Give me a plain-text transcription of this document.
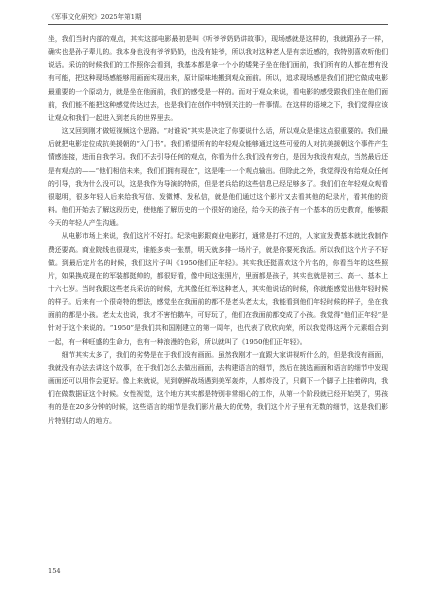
《军事文化研究》2025年第1期

坐，我们当时内部的观点，其实这部电影最初是叫《听爷爷奶奶讲故事》，现场感就是这样的，我就跟孙子一样，确实也是孙子辈儿的。我本身也没有爷爷奶奶，也没有娃爷，所以我对这种老人是有亲近感的，我特别喜欢听他们说话。采访的时候我们的工作照你会看到，我基本都是拿一个小的矮凳子坐在他们面前，我们所有的人都在想有没有可能，把这种现场感能够用画面实现出来，原计原味地搬到观众面前。所以，追求现场感是我们们把它做成电影最重要的一个原动力，就是坐在他面前，我们的感受是一样的。而对于观众来说，看电影的感受跟我们坐在他们面前，我们能不能把这种感觉传达过去，也是我们在创作中特别关注的一件事情。在这样的语境之下，我们觉得应该让观众和我们一起进入到老兵的世界里去。

这又回到刚才做短视频这个思路。“对谁说”其实是决定了你要说什么话，所以观众是谁这点很重要的。我们最后就把电影定位成抗美援朝的“入门书”。我们希望所有的年轻观众能够通过这些可爱的人对抗美援朝这个事件产生情感连接，进而自我学习。我们不去引导任何的观点，你看为什么我们没有旁白，是因为我没有观点，当然最后还是有观点的——“他们相信未来，我们们拥有现在”，这是唯一一个观点输出。但除此之外，我觉得没有给观众任何的引导，我为什么没可以，这是我作为导演的特质，但是老兵给的这些信息已经足够多了。我们们在年轻观众观看很聪明，很多年轻人后来给我写信、发微博、发私信，就是他们通过这个影片又去看其他的纪录片，看其他的资料。他们开始去了解这段历史，使他能了解历史的一个很好的途径，给今天的孩子有一个基本的历史教育，能够跟今天的年轻人产生沟通。

从电影市场上来说，我们这片不好打。纪录电影跟商业电影打，通常是打不过的，人家宣发费基本就比我制作费还要高。商业院线也很现实，谁能多卖一张票，明天就多排一场片子，就是你要死我活。所以我们这个片子不好做。到最后定片名的时候，我们这片子叫《1950他们正年轻》。其实我还挺喜欢这个片名的，你看当年的这些照片，如果换成现在的军装都挺帅的，都很好看，像中间这张照片，里面都是孩子，其实也就是初三、高一、基本上十六七岁。当时我跟这些老兵采访的时候，尤其像任红举这种老人，其实他说话的时候，你就能感觉出他年轻时候的样子。后来有一个很奇特的想法，感觉坐在我面前的都不是老头老太太，我能看到他们年轻时候的样子，坐在我面前的都是小孩。老太太也说，我才不害怕鹅车，可好玩了，他们在我面前都变成了小孩。我觉得“他们正年轻”是针对于这个来说的。“1950”是我们共和国刚建立的第一周年，也代表了欣欣向荣，所以我觉得这两个元素组合到一起，有一种旺盛的生命力，也有一种浪漫的色彩，所以就叫了《1950他们正年轻》。

细节其实太多了，我们的劣势是在于我们没有画面。虽然我刚才一直跟大家讲视听什么的，但是我没有画面，我就没有办法去讲这个故事，在于我们怎么去做出画面，去构建语言的细节，然后在挑选画面和语言的细节中发现画面还可以用作会更好。像上来就说，见到朝鲜战场遇到美军轰炸，人都炸没了，只剩下一个脚子上挂着碎肉，我们在做数据证这个时候。女性视觉，这个地方其实都是特别非常细心的工作，从第一个阶段就已经开始哭了，男孩有的是在20多分钟的时候，这些语言的细节是我们影片最大的优势，我们这个片子里有无数的细节，这是我们影片特别打动人的地方。

154
